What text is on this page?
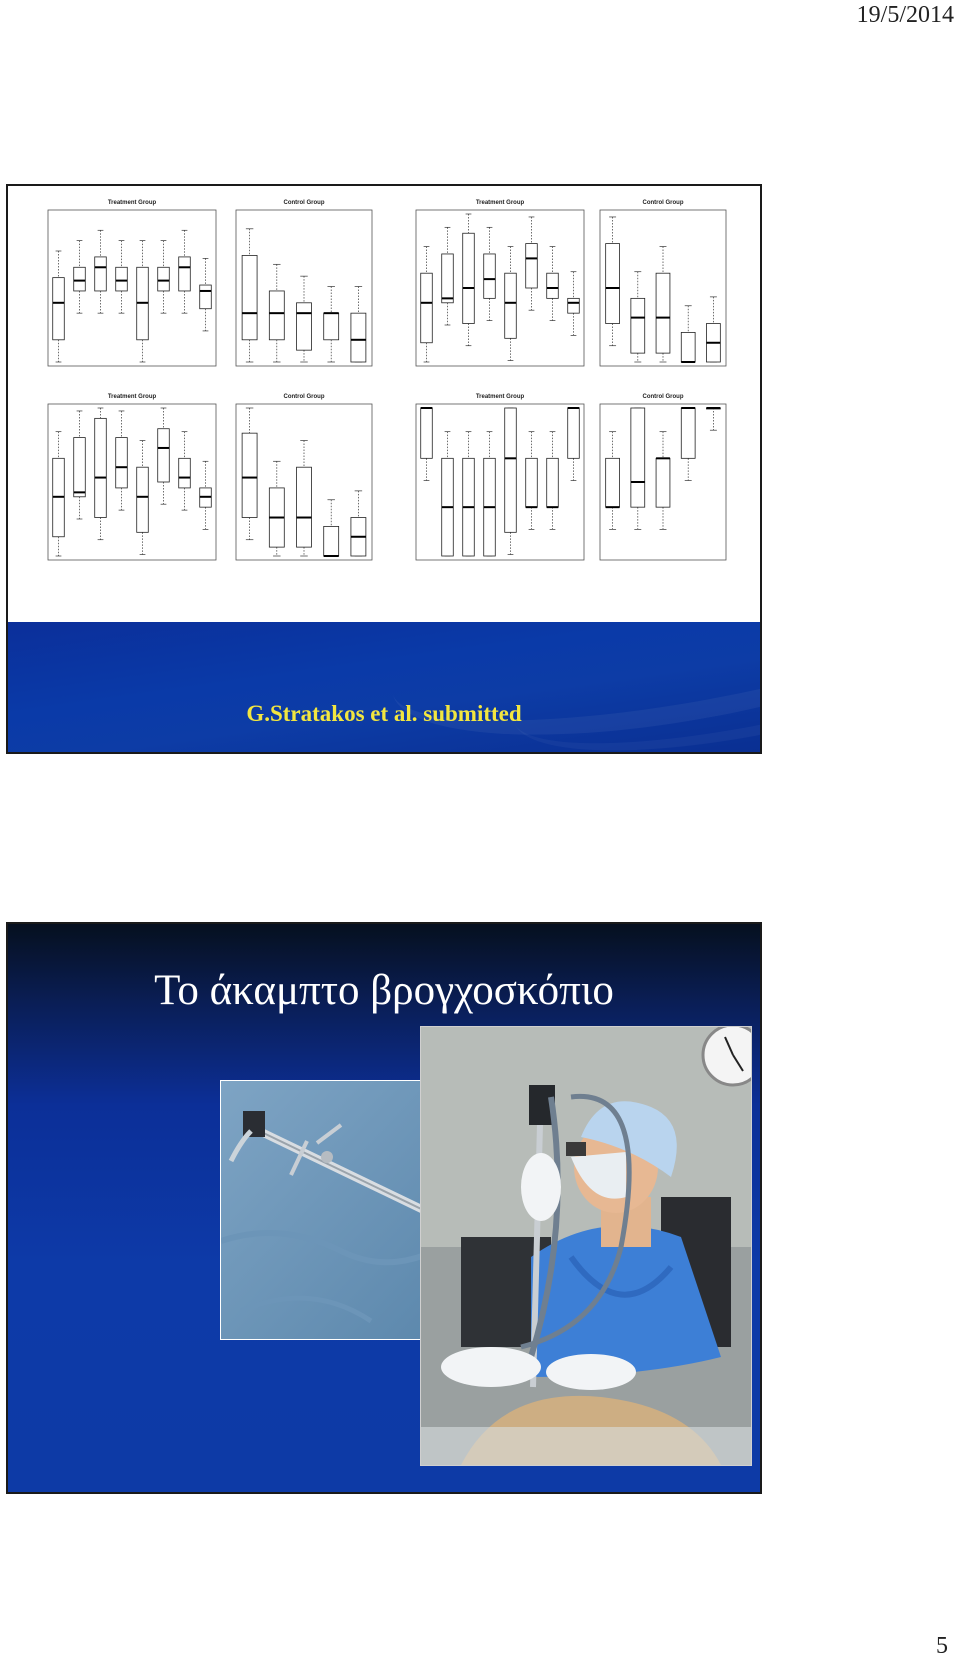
19/5/2014
Treatment Group	Control Group	Treatment Group	Control Group
Treatment Group	Control Group	Treatment Group	Control Group
G.Stratakos et al. submitted
Το άκαμπτο βρογχοσκόπιο
5
